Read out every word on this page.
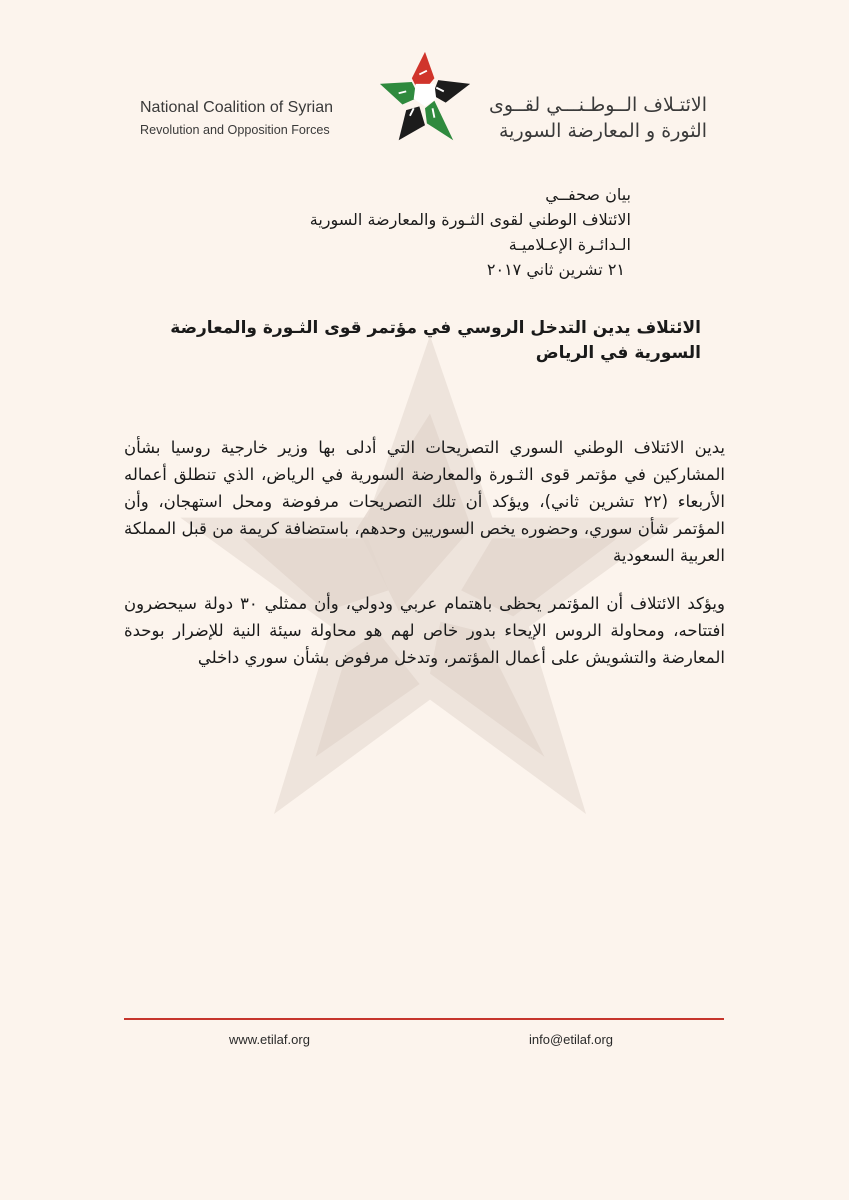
National Coalition of Syrian
Revolution and Opposition Forces
الائتـلاف الــوطـنـــي لقــوى
الثورة و المعارضة السورية
بيان صحفــي
الائتلاف الوطني لقوى الثـورة والمعارضة السورية
الـدائـرة الإعـلاميـة
٢١ تشرين ثاني ٢٠١٧
الائتلاف يدين التدخل الروسي في مؤتمر قوى الثـورة والمعارضة السورية في الرياض

يدين الائتلاف الوطني السوري التصريحات التي أدلى بها وزير خارجية روسيا بشأن المشاركين في مؤتمر قوى الثـورة والمعارضة السورية في الرياض، الذي تنطلق أعماله الأربعاء (٢٢ تشرين ثاني)، ويؤكد أن تلك التصريحات مرفوضة ومحل استهجان، وأن المؤتمر شأن سوري، وحضوره يخص السوريين وحدهم، باستضافة كريمة من قبل المملكة العربية السعودية

ويؤكد الائتلاف أن المؤتمر يحظى باهتمام عربي ودولي، وأن ممثلي ٣٠ دولة سيحضرون افتتاحه، ومحاولة الروس الإيحاء بدور خاص لهم هو محاولة سيئة النية للإضرار بوحدة المعارضة والتشويش على أعمال المؤتمر، وتدخل مرفوض بشأن سوري داخلي

www.etilaf.org	info@etilaf.org
